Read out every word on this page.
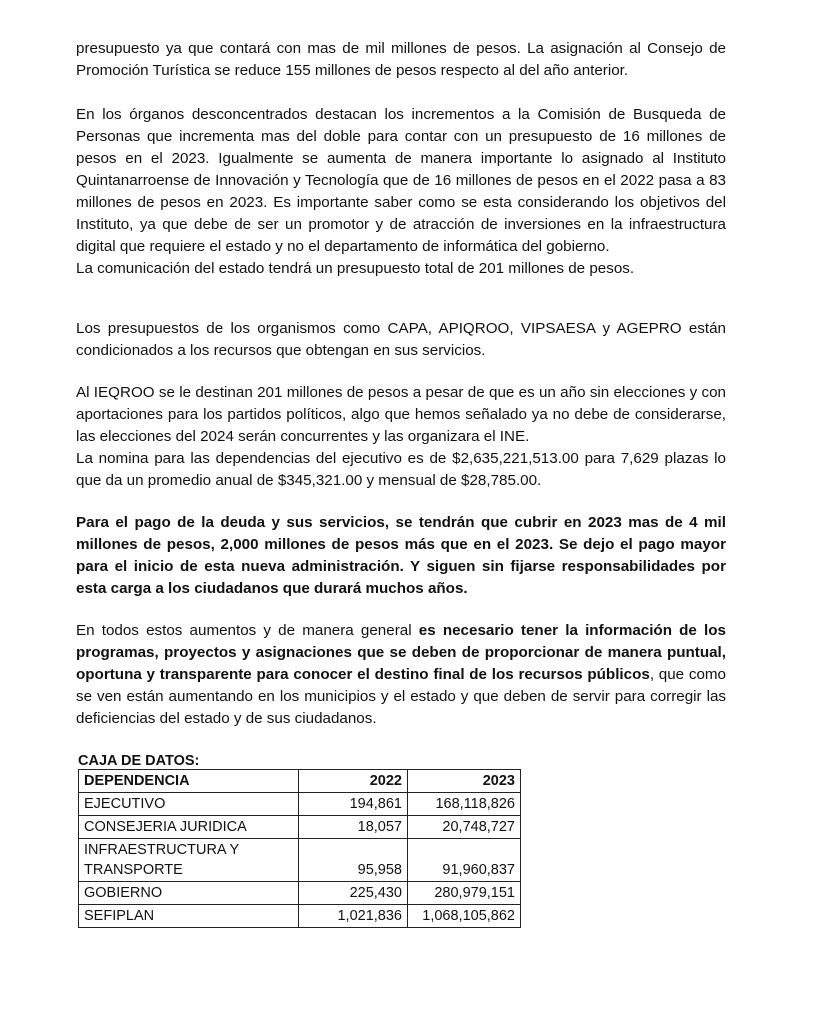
presupuesto ya que contará con mas de mil millones de pesos. La asignación al Consejo de Promoción Turística se reduce 155 millones de pesos respecto al del año anterior.

En los órganos desconcentrados destacan los incrementos a la Comisión de Busqueda de Personas que incrementa mas del doble para contar con un presupuesto de 16 millones de pesos en el 2023. Igualmente se aumenta de manera importante lo asignado al Instituto Quintanarroense de Innovación y Tecnología que de 16 millones de pesos en el 2022 pasa a 83 millones de pesos en 2023. Es importante saber como se esta considerando los objetivos del Instituto, ya que debe de ser un promotor y de atracción de inversiones en la infraestructura digital que requiere el estado y no el departamento de informática del gobierno.
La comunicación del estado tendrá un presupuesto total de 201 millones de pesos.

Los presupuestos de los organismos como CAPA, APIQROO, VIPSAESA y AGEPRO están condicionados a los recursos que obtengan en sus servicios.

Al IEQROO se le destinan 201 millones de pesos a pesar de que es un año sin elecciones y con aportaciones para los partidos políticos, algo que hemos señalado ya no debe de considerarse, las elecciones del 2024 serán concurrentes y las organizara el INE.
La nomina para las dependencias del ejecutivo es de $2,635,221,513.00 para 7,629 plazas lo que da un promedio anual de $345,321.00 y mensual de $28,785.00.

Para el pago de la deuda y sus servicios, se tendrán que cubrir en 2023 mas de 4 mil millones de pesos, 2,000 millones de pesos más que en el 2023. Se dejo el pago mayor para el inicio de esta nueva administración. Y siguen sin fijarse responsabilidades por esta carga a los ciudadanos que durará muchos años.

En todos estos aumentos y de manera general es necesario tener la información de los programas, proyectos y asignaciones que se deben de proporcionar de manera puntual, oportuna y transparente para conocer el destino final de los recursos públicos, que como se ven están aumentando en los municipios y el estado y que deben de servir para corregir las deficiencias del estado y de sus ciudadanos.

CAJA DE DATOS:
DEPENDENCIA	2022	2023
EJECUTIVO	194,861	168,118,826
CONSEJERIA JURIDICA	18,057	20,748,727
INFRAESTRUCTURA Y
TRANSPORTE	95,958	91,960,837
GOBIERNO	225,430	280,979,151
SEFIPLAN	1,021,836	1,068,105,862
